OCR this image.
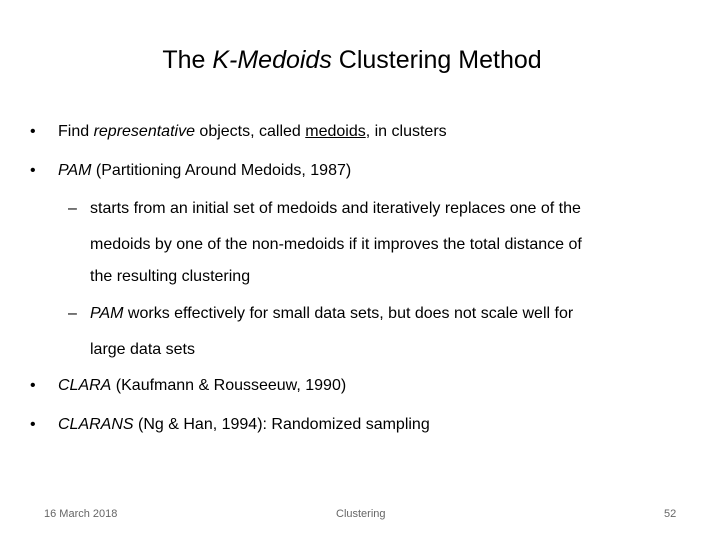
The K-Medoids Clustering Method
• Find representative objects, called medoids, in clusters
• PAM (Partitioning Around Medoids, 1987)
– starts from an initial set of medoids and iteratively replaces one of the
medoids by one of the non-medoids if it improves the total distance of
the resulting clustering
– PAM works effectively for small data sets, but does not scale well for
large data sets
• CLARA (Kaufmann & Rousseeuw, 1990)
• CLARANS (Ng & Han, 1994): Randomized sampling
16 March 2018	Clustering	52
